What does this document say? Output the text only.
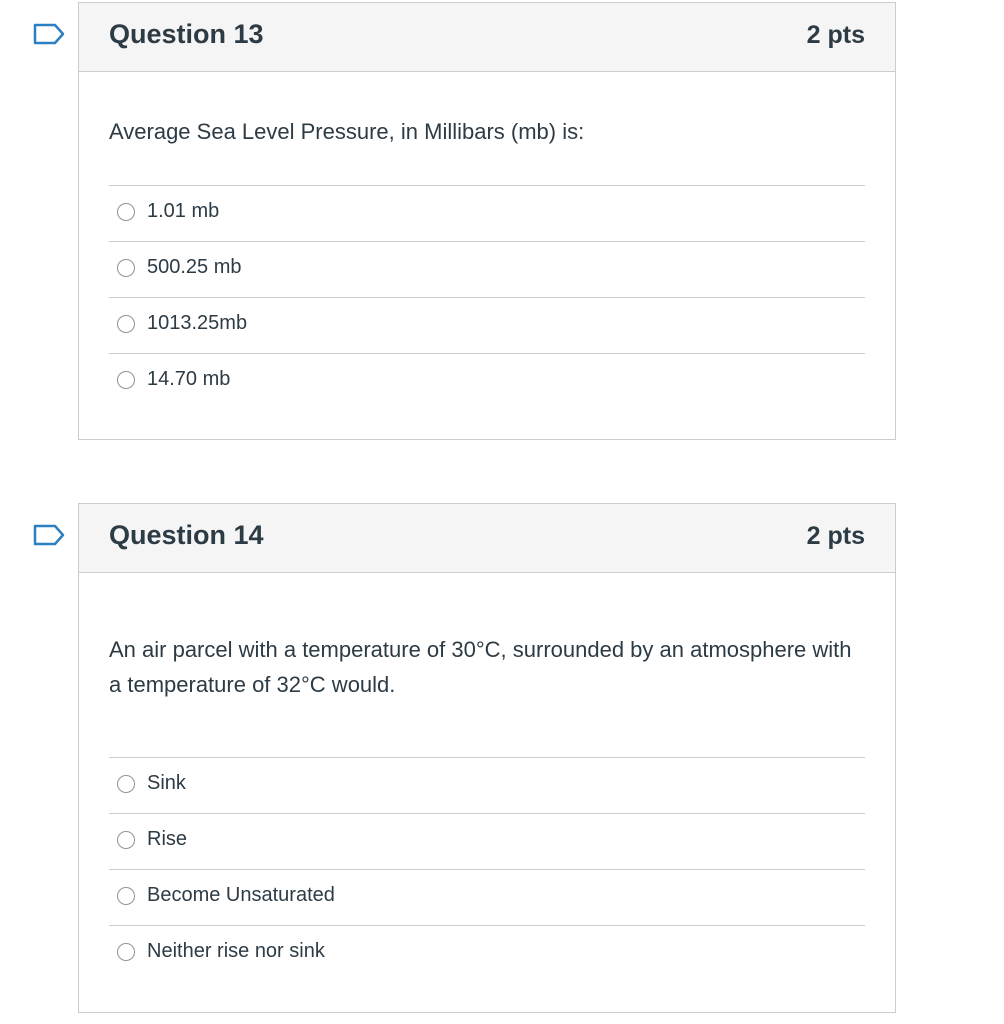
Question 13	2 pts
Average Sea Level Pressure, in Millibars (mb) is:
1.01 mb
500.25 mb
1013.25mb
14.70 mb
Question 14	2 pts
An air parcel with a temperature of 30°C, surrounded by an atmosphere with a temperature of 32°C would.
Sink
Rise
Become Unsaturated
Neither rise nor sink
